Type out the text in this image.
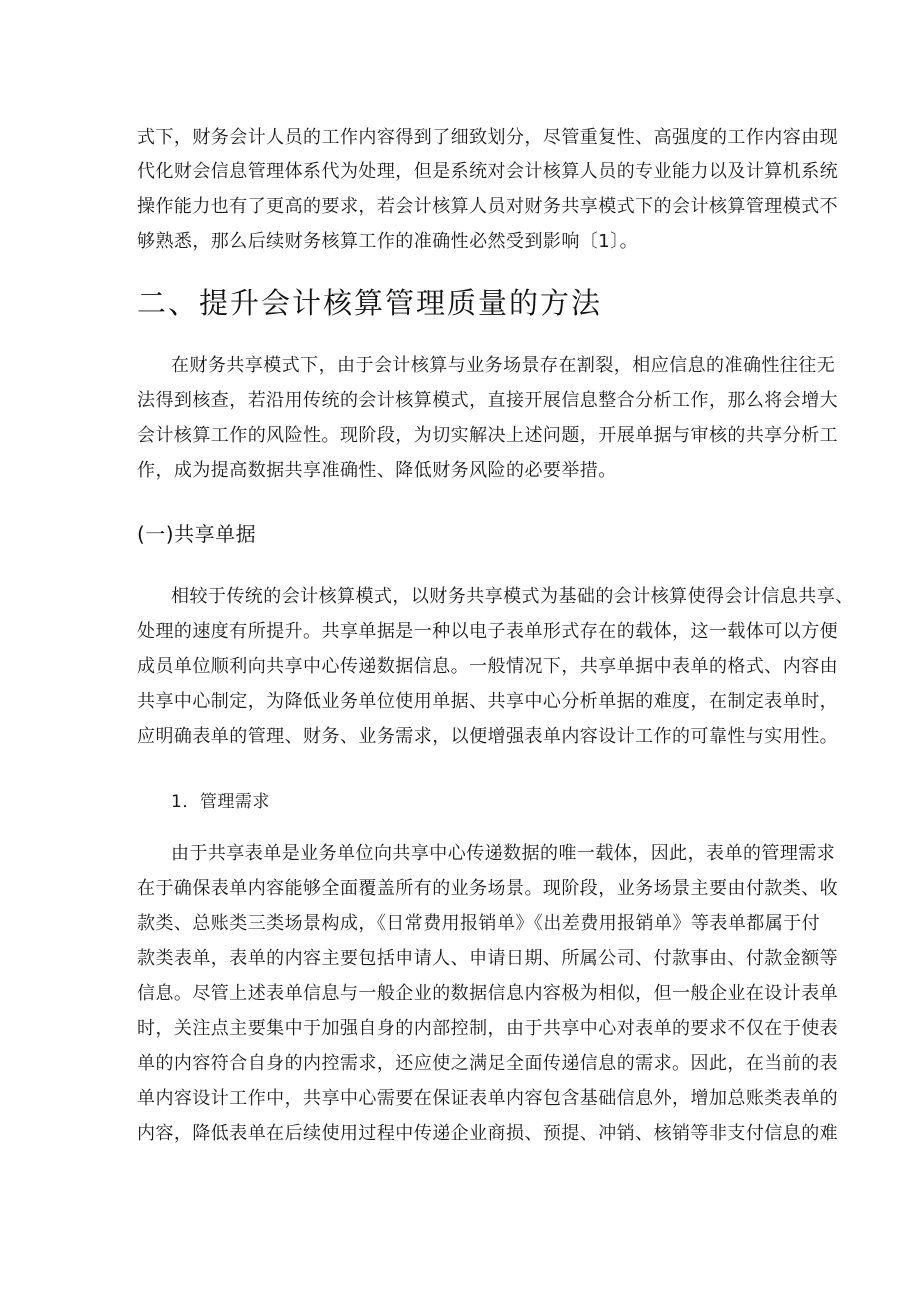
式下，财务会计人员的工作内容得到了细致划分，尽管重复性、高强度的工作内容由现
代化财会信息管理体系代为处理，但是系统对会计核算人员的专业能力以及计算机系统
操作能力也有了更高的要求，若会计核算人员对财务共享模式下的会计核算管理模式不
够熟悉，那么后续财务核算工作的准确性必然受到影响〔1〕。
二、提升会计核算管理质量的方法
在财务共享模式下，由于会计核算与业务场景存在割裂，相应信息的准确性往往无
法得到核查，若沿用传统的会计核算模式，直接开展信息整合分析工作，那么将会增大
会计核算工作的风险性。现阶段，为切实解决上述问题，开展单据与审核的共享分析工
作，成为提高数据共享准确性、降低财务风险的必要举措。
(一)共享单据
相较于传统的会计核算模式，以财务共享模式为基础的会计核算使得会计信息共享、
处理的速度有所提升。共享单据是一种以电子表单形式存在的载体，这一载体可以方便
成员单位顺利向共享中心传递数据信息。一般情况下，共享单据中表单的格式、内容由
共享中心制定，为降低业务单位使用单据、共享中心分析单据的难度，在制定表单时，
应明确表单的管理、财务、业务需求，以便增强表单内容设计工作的可靠性与实用性。
1．管理需求
由于共享表单是业务单位向共享中心传递数据的唯一载体，因此，表单的管理需求
在于确保表单内容能够全面覆盖所有的业务场景。现阶段，业务场景主要由付款类、收
款类、总账类三类场景构成，《日常费用报销单》《出差费用报销单》等表单都属于付
款类表单，表单的内容主要包括申请人、申请日期、所属公司、付款事由、付款金额等
信息。尽管上述表单信息与一般企业的数据信息内容极为相似，但一般企业在设计表单
时，关注点主要集中于加强自身的内部控制，由于共享中心对表单的要求不仅在于使表
单的内容符合自身的内控需求，还应使之满足全面传递信息的需求。因此，在当前的表
单内容设计工作中，共享中心需要在保证表单内容包含基础信息外，增加总账类表单的
内容，降低表单在后续使用过程中传递企业商损、预提、冲销、核销等非支付信息的难
